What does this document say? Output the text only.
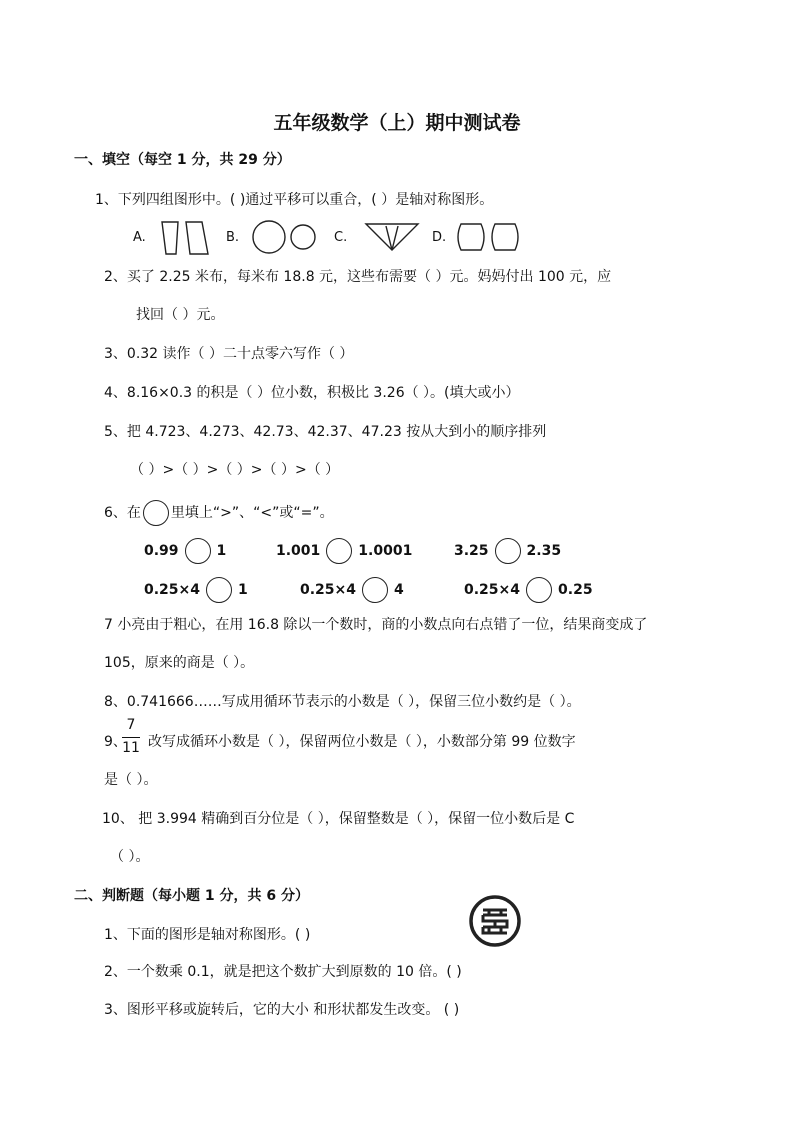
五年级数学（上）期中测试卷
一、填空（每空 1 分，共 29 分）
1、下列四组图形中。( )通过平移可以重合，( ）是轴对称图形。
A.	B.	C.	D.
2、买了 2.25 米布，每米布 18.8 元，这些布需要（ ）元。妈妈付出 100 元，应
找回（ ）元。
3、0.32 读作（ ）二十点零六写作（ ）
4、8.16×0.3 的积是（ ）位小数，积极比 3.26（ ）。(填大或小）
5、把 4.723、4.273、42.73、42.37、47.23 按从大到小的顺序排列
（ ）>（ ）>（ ）>（ ）>（ ）
6、在 里填上“>”、“<”或“=”。
0.99	1	1.001	1.0001	3.25	2.35
0.25×4	1	0.25×4	4	0.25×4	0.25
7 小亮由于粗心，在用 16.8 除以一个数时，商的小数点向右点错了一位，结果商变成了
105，原来的商是（ ）。
8、0.741666……写成用循环节表示的小数是（ ），保留三位小数约是（ ）。
9、
7
11 改写成循环小数是（ ），保留两位小数是（ ），小数部分第 99 位数字
是（ ）。
10、 把 3.994 精确到百分位是（ ），保留整数是（ ），保留一位小数后是 C
（ ）。
二、判断题（每小题 1 分，共 6 分）
1、下面的图形是轴对称图形。( )
2、一个数乘 0.1，就是把这个数扩大到原数的 10 倍。( )
3、图形平移或旋转后，它的大小 和形状都发生改变。 ( )
